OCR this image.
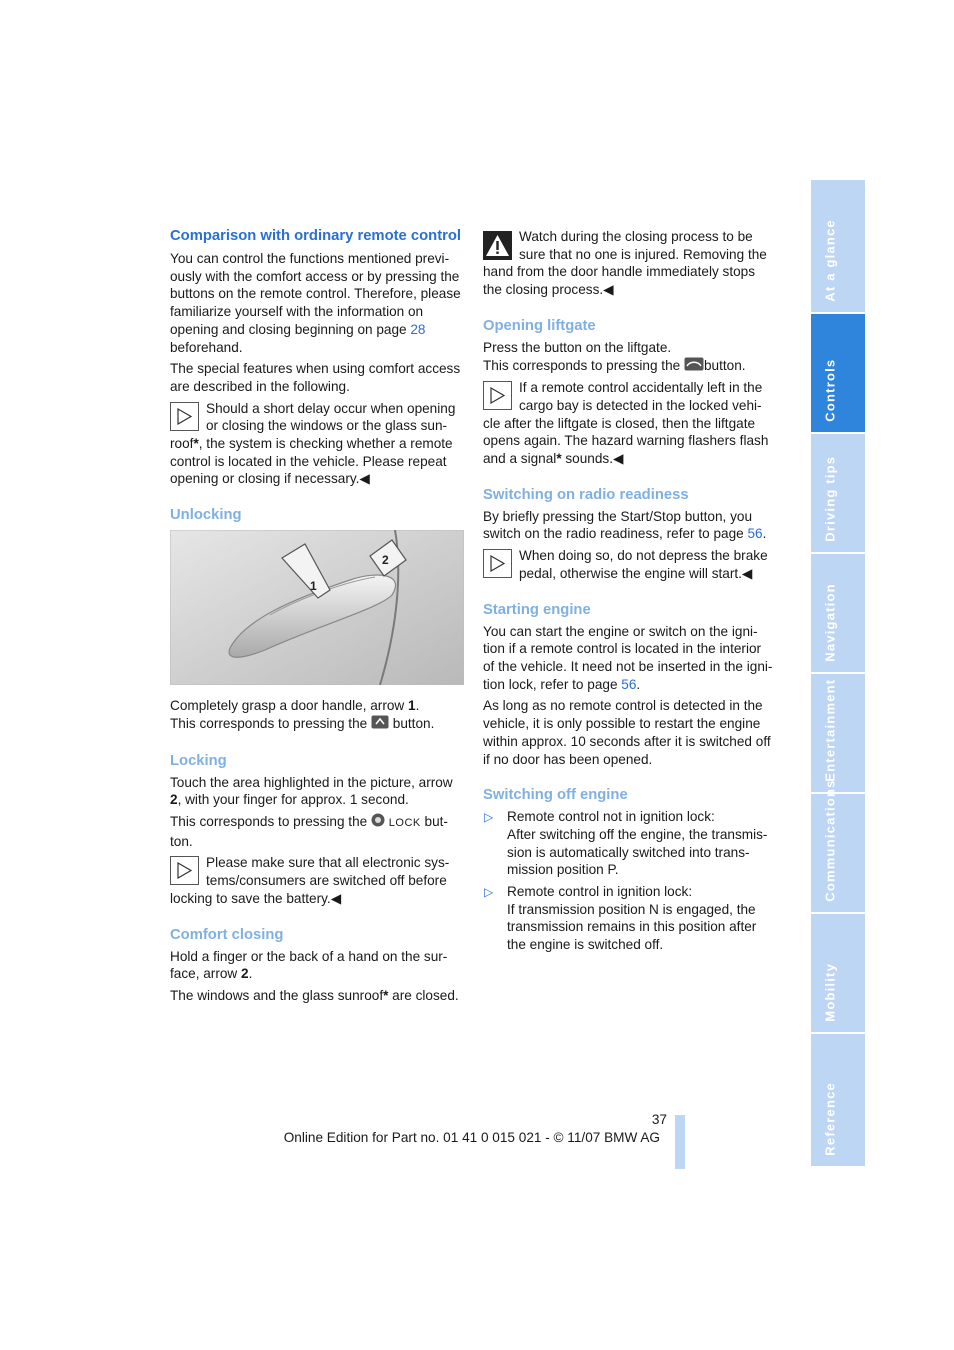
Comparison with ordinary remote control

You can control the functions mentioned previ-ously with the comfort access or by pressing the buttons on the remote control. Therefore, please familiarize yourself with the information on opening and closing beginning on page 28 beforehand.

The special features when using comfort access are described in the following.

Should a short delay occur when opening or closing the windows or the glass sun-roof*, the system is checking whether a remote control is located in the vehicle. Please repeat opening or closing if necessary.◀
Unlocking
1
2

Completely grasp a door handle, arrow 1.
This corresponds to pressing the  button.

Locking

Touch the area highlighted in the picture, arrow 2, with your finger for approx. 1 second.

This corresponds to pressing the  LOCK but-ton.

Please make sure that all electronic sys-tems/consumers are switched off before locking to save the battery.◀
Comfort closing

Hold a finger or the back of a hand on the sur-face, arrow 2.

The windows and the glass sunroof* are closed.

Watch during the closing process to be sure that no one is injured. Removing the hand from the door handle immediately stops the closing process.◀
Opening liftgate

Press the button on the liftgate.
This corresponds to pressing the button.

If a remote control accidentally left in the cargo bay is detected in the locked vehi-cle after the liftgate is closed, then the liftgate opens again. The hazard warning flashers flash and a signal* sounds.◀
Switching on radio readiness

By briefly pressing the Start/Stop button, you switch on the radio readiness, refer to page 56.

When doing so, do not depress the brake pedal, otherwise the engine will start.◀
Starting engine

You can start the engine or switch on the igni-tion if a remote control is located in the interior of the vehicle. It need not be inserted in the igni-tion lock, refer to page 56.

As long as no remote control is detected in the vehicle, it is only possible to restart the engine within approx. 10 seconds after it is switched off if no door has been opened.

Switching off engine
▷ Remote control not in ignition lock:
After switching off the engine, the transmis-sion is automatically switched into trans-mission position P.
▷ Remote control in ignition lock:
If transmission position N is engaged, the transmission remains in this position after the engine is switched off.
At a glance
Controls
Driving tips
Navigation
Entertainment
Communications
Mobility
Reference
37
Online Edition for Part no. 01 41 0 015 021 - © 11/07 BMW AG
